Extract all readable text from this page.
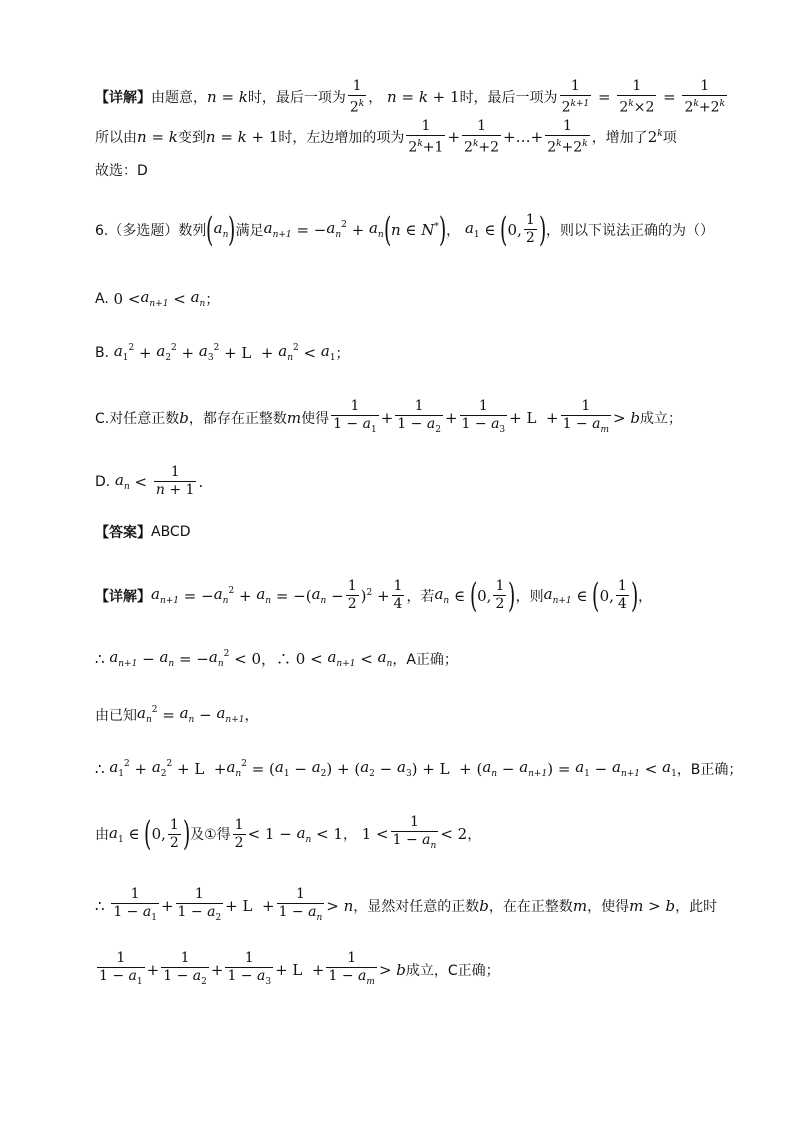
【详解】 由题意， n = k 时，最后一项为 $\frac{1}{2^k}$ ， n = k + 1 时，最后一项为 $\frac{1}{2^{k+1}} = \frac{1}{2^k\times 2} = \frac{1}{2^k+2^k}$
所以由 n = k 变到 n = k + 1 时，左边增加的项为 $\frac{1}{2^k+1} + \frac{1}{2^k+2}$ +…+ $\frac{1}{2^k+2^k}$ ，增加了 2$^k$ 项
故选：D
6.（多选题）数列 ( $a_n$ ) 满足 $a_{n+1}$ = − $a_n^2 + a_n$ ( n ∈ N* ) ， $a_1$ ∈ ( 0, $\frac{1}{2}$ ) ，则以下说法正确的为（）
A. $0 < a_{n+1} < a_n$ ；
B. $a_1^2 + a_2^2 + a_3^2 + L + a_n^2 < a_1$ ；
C.对任意正数 b ，都存在正整数 m 使得 $\frac{1}{1 - a_1} + \frac{1}{1 - a_2} + \frac{1}{1 - a_3} + L + \frac{1}{1 - a_m} > b$ 成立；
D. $a_n < \frac{1}{n + 1}$ .
【答案】 ABCD
【详解】 $a_{n+1}$ = − $a_n^2 + a_n$ = −( $a_n - \frac{1}{2} )^2 + \frac{1}{4}$ ，若 $a_n$ ∈ ( 0, $\frac{1}{2}$ ) ，则 $a_{n+1}$ ∈ ( 0, $\frac{1}{4}$ ) ，
∴ $a_{n+1} - a_n$ = − $a_n^2 < 0$，∴ $0 < a_{n+1} < a_n$ ，A正确；
由已知 $a_n^2 = a_n - a_{n+1}$ ，
∴ $a_1^2 + a_2^2 + L + a_n^2$ = ( $a_1 - a_2$ ) + ( $a_2 - a_3$ ) + L  + ( $a_n - a_{n+1}$ ) = $a_1 - a_{n+1} < a_1$ ，B正确；
由 $a_1$ ∈ ( 0, $\frac{1}{2}$ ) 及①得 $\frac{1}{2} < 1 - a_n < 1$ ， $1 < \frac{1}{1 - a_n} < 2$ ，
∴ $\frac{1}{1 - a_1} + \frac{1}{1 - a_2} + L + \frac{1}{1 - a_n} > n$ ，显然对任意的正数 b ，在在正整数 m ，使得 m > b ，此时
$\frac{1}{1 - a_1} + \frac{1}{1 - a_2} + \frac{1}{1 - a_3} + L + \frac{1}{1 - a_m} > b$ 成立，C正确；
